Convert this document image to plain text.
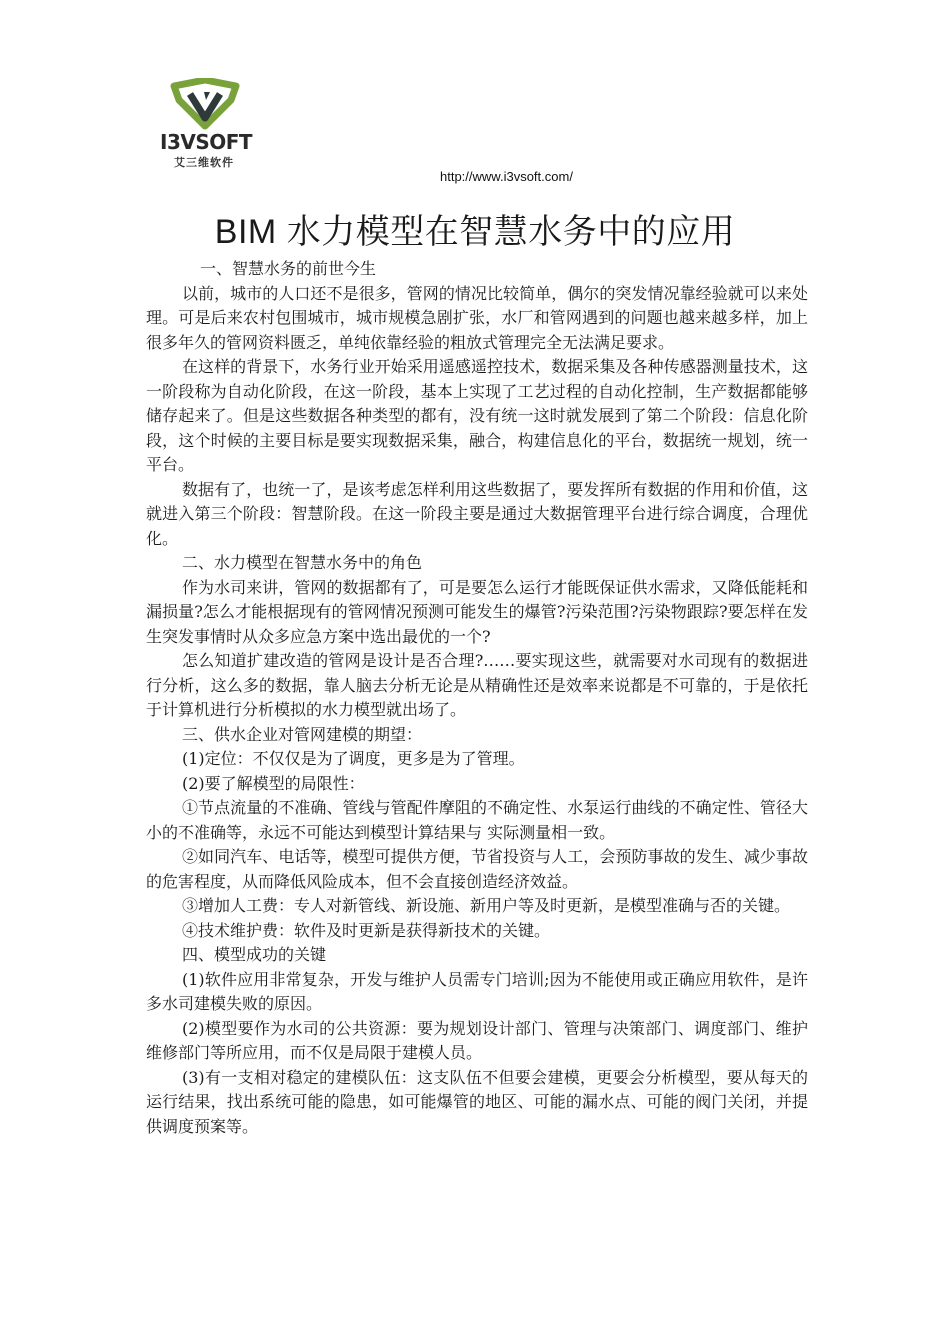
I3VSOFT
艾三维软件
http://www.i3vsoft.com/
BIM 水力模型在智慧水务中的应用

一、智慧水务的前世今生

以前，城市的人口还不是很多，管网的情况比较简单，偶尔的突发情况靠经验就可以来处理。可是后来农村包围城市，城市规模急剧扩张，水厂和管网遇到的问题也越来越多样，加上很多年久的管网资料匮乏，单纯依靠经验的粗放式管理完全无法满足要求。

在这样的背景下，水务行业开始采用遥感遥控技术，数据采集及各种传感器测量技术，这一阶段称为自动化阶段，在这一阶段，基本上实现了工艺过程的自动化控制，生产数据都能够储存起来了。但是这些数据各种类型的都有，没有统一这时就发展到了第二个阶段：信息化阶段，这个时候的主要目标是要实现数据采集，融合，构建信息化的平台，数据统一规划，统一平台。

数据有了，也统一了，是该考虑怎样利用这些数据了，要发挥所有数据的作用和价值，这就进入第三个阶段：智慧阶段。在这一阶段主要是通过大数据管理平台进行综合调度，合理优化。

二、水力模型在智慧水务中的角色

作为水司来讲，管网的数据都有了，可是要怎么运行才能既保证供水需求，又降低能耗和漏损量?怎么才能根据现有的管网情况预测可能发生的爆管?污染范围?污染物跟踪?要怎样在发生突发事情时从众多应急方案中选出最优的一个?

怎么知道扩建改造的管网是设计是否合理?……要实现这些，就需要对水司现有的数据进行分析，这么多的数据，靠人脑去分析无论是从精确性还是效率来说都是不可靠的，于是依托于计算机进行分析模拟的水力模型就出场了。

三、供水企业对管网建模的期望：

(1)定位：不仅仅是为了调度，更多是为了管理。

(2)要了解模型的局限性：

①节点流量的不准确、管线与管配件摩阻的不确定性、水泵运行曲线的不确定性、管径大小的不准确等，永远不可能达到模型计算结果与 实际测量相一致。

②如同汽车、电话等，模型可提供方便，节省投资与人工，会预防事故的发生、减少事故的危害程度，从而降低风险成本，但不会直接创造经济效益。

③增加人工费：专人对新管线、新设施、新用户等及时更新，是模型准确与否的关键。

④技术维护费：软件及时更新是获得新技术的关键。

四、模型成功的关键

(1)软件应用非常复杂，开发与维护人员需专门培训;因为不能使用或正确应用软件，是许多水司建模失败的原因。

(2)模型要作为水司的公共资源：要为规划设计部门、管理与决策部门、调度部门、维护维修部门等所应用，而不仅是局限于建模人员。

(3)有一支相对稳定的建模队伍：这支队伍不但要会建模，更要会分析模型，要从每天的运行结果，找出系统可能的隐患，如可能爆管的地区、可能的漏水点、可能的阀门关闭，并提供调度预案等。
